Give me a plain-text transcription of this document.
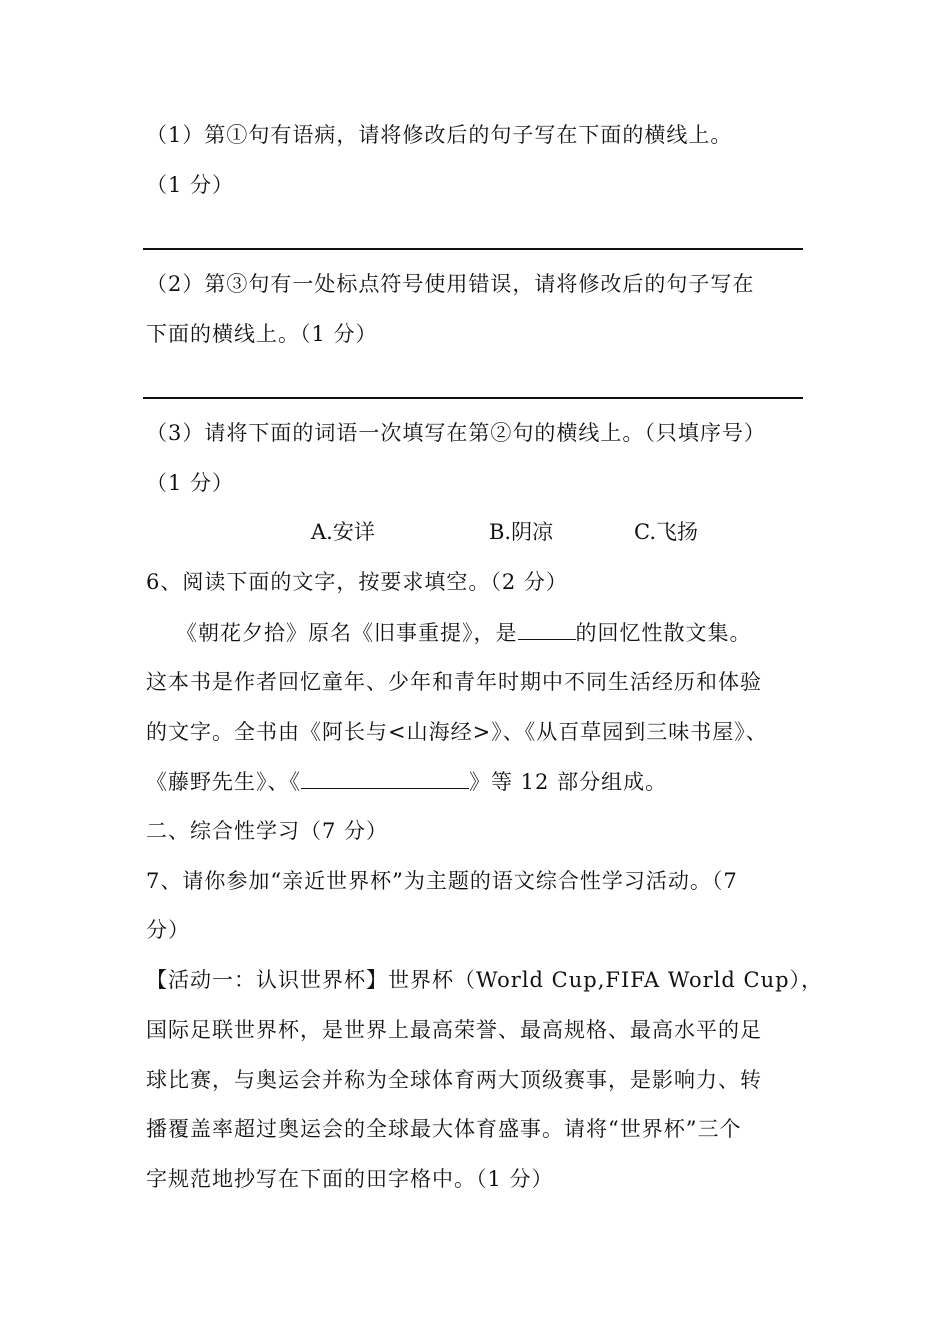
（1）第①句有语病，请将修改后的句子写在下面的横线上。
（1 分）
（2）第③句有一处标点符号使用错误，请将修改后的句子写在
下面的横线上。（1 分）
（3）请将下面的词语一次填写在第②句的横线上。（只填序号）
（1 分）
A.安详	B.阴凉	C.飞扬
6、阅读下面的文字，按要求填空。（2 分）
《朝花夕拾》原名《旧事重提》，是	的回忆性散文集。
这本书是作者回忆童年、少年和青年时期中不同生活经历和体验
的文字。全书由《阿长与<山海经>》、《从百草园到三味书屋》、
《藤野先生》、《	》等 12 部分组成。
二、综合性学习（7 分）
7、请你参加“亲近世界杯”为主题的语文综合性学习活动。（7
分）
【活动一：认识世界杯】世界杯（World Cup,FIFA World Cup），
国际足联世界杯，是世界上最高荣誉、最高规格、最高水平的足
球比赛，与奥运会并称为全球体育两大顶级赛事，是影响力、转
播覆盖率超过奥运会的全球最大体育盛事。请将“世界杯”三个
字规范地抄写在下面的田字格中。（1 分）
